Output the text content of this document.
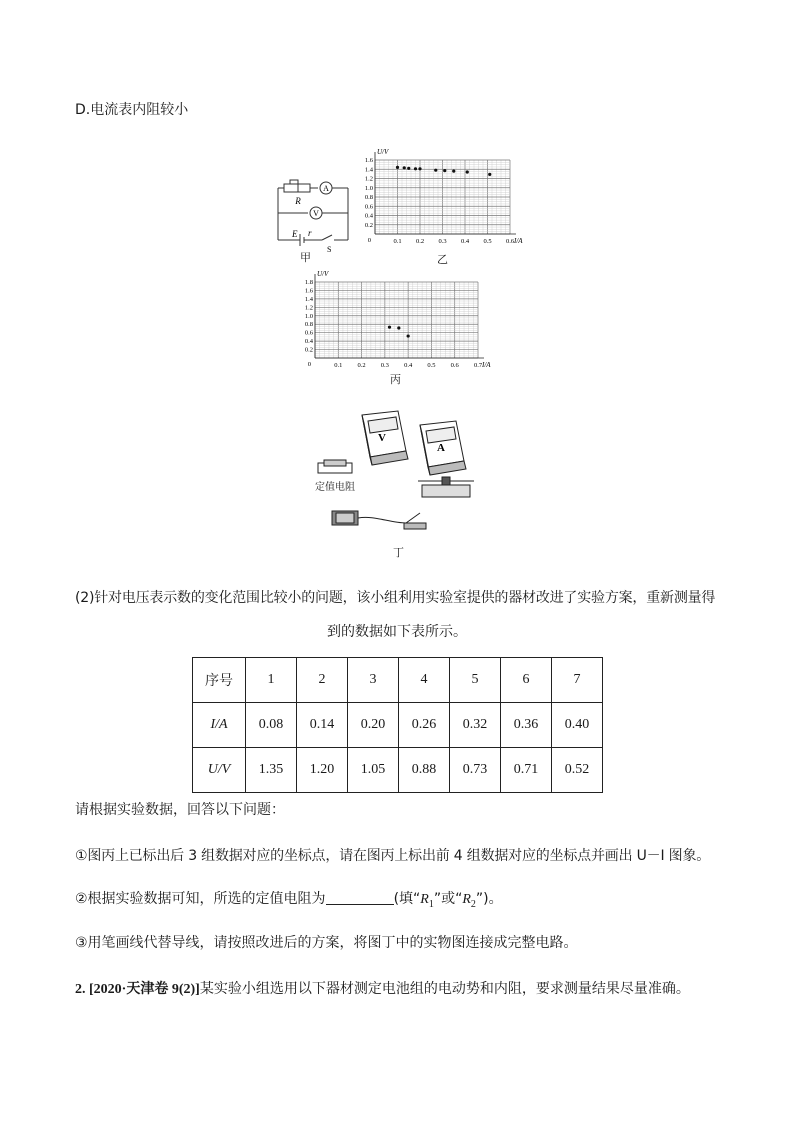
D.电流表内阻较小
R
A
V
E r
S
甲
0.1 0.2 0.3 0.4 0.5 0.6
1.6
1.4
1.2
1.0
0.8
0.6
0.4
0.2
0
U/V
I/A
乙
0.1 0.2 0.3 0.4 0.5 0.6 0.7
1.8
1.6
1.4
1.2
1.0
0.8
0.6
0.4
0.2
0
U/V
I/A
丙
V
A
定值电阻
丁
(2)针对电压表示数的变化范围比较小的问题，该小组利用实验室提供的器材改进了实验方案，重新测量得
到的数据如下表所示。
序号	1	2	3	4	5	6	7
I/A	0.08	0.14	0.20	0.26	0.32	0.36	0.40
U/V	1.35	1.20	1.05	0.88	0.73	0.71	0.52
请根据实验数据，回答以下问题：
①图丙上已标出后 3 组数据对应的坐标点，请在图丙上标出前 4 组数据对应的坐标点并画出 U－I 图象。
②根据实验数据可知，所选的定值电阻为	(填“$R_1$”或“$R_2$”)。
③用笔画线代替导线，请按照改进后的方案，将图丁中的实物图连接成完整电路。
2. [2020·天津卷 9(2)]某实验小组选用以下器材测定电池组的电动势和内阻，要求测量结果尽量准确。
